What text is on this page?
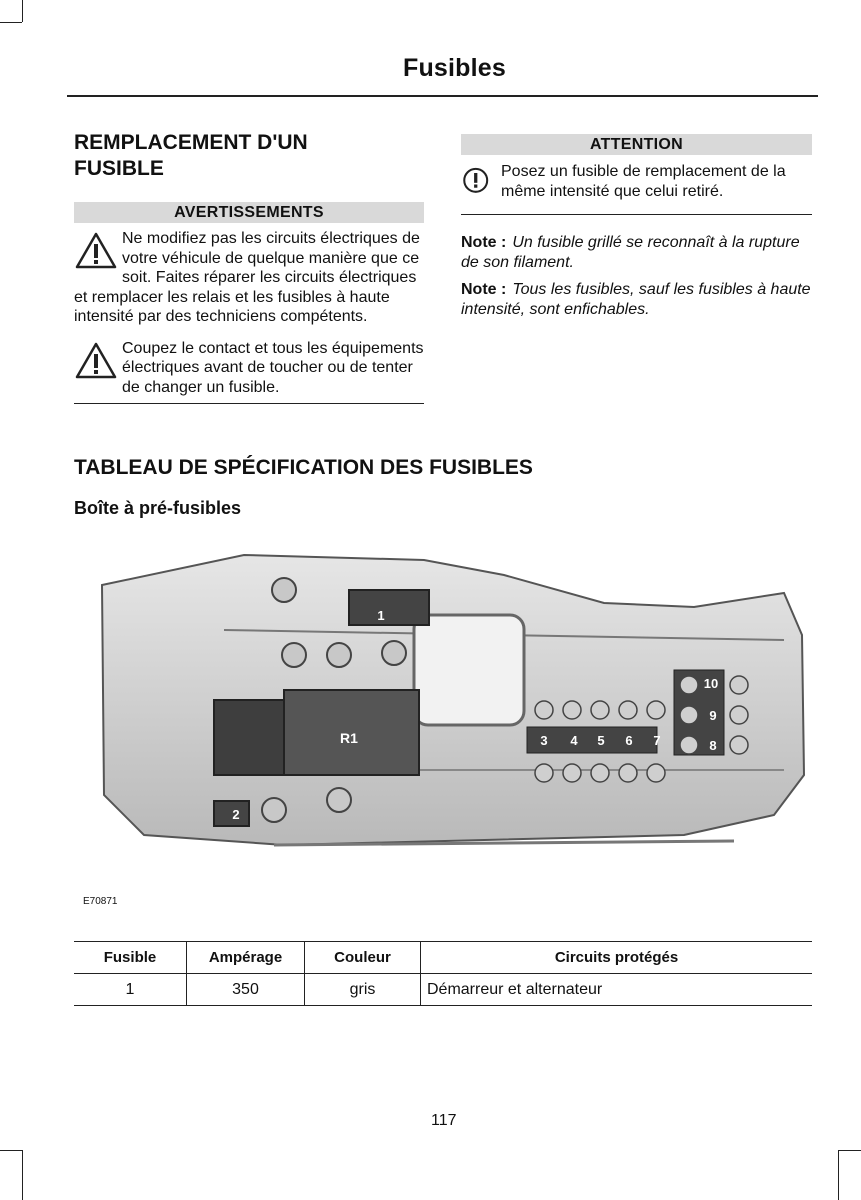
Fusibles
REMPLACEMENT D'UN
FUSIBLE
AVERTISSEMENTS
Ne modifiez pas les circuits électriques de votre véhicule de quelque manière que ce soit. Faites réparer les circuits électriques et remplacer les relais et les fusibles à haute intensité par des techniciens compétents.
Coupez le contact et tous les équipements électriques avant de toucher ou de tenter de changer un fusible.
ATTENTION
Posez un fusible de remplacement de la même intensité que celui retiré.
Note : Un fusible grillé se reconnaît à la rupture de son filament.
Note : Tous les fusibles, sauf les fusibles à haute intensité, sont enfichables.
TABLEAU DE SPÉCIFICATION DES FUSIBLES
Boîte à pré-fusibles
1
2
R1	3 4 5 6 7	8
9
10
E70871
Fusible	Ampérage	Couleur	Circuits protégés
1	350	gris	Démarreur et alternateur
117
